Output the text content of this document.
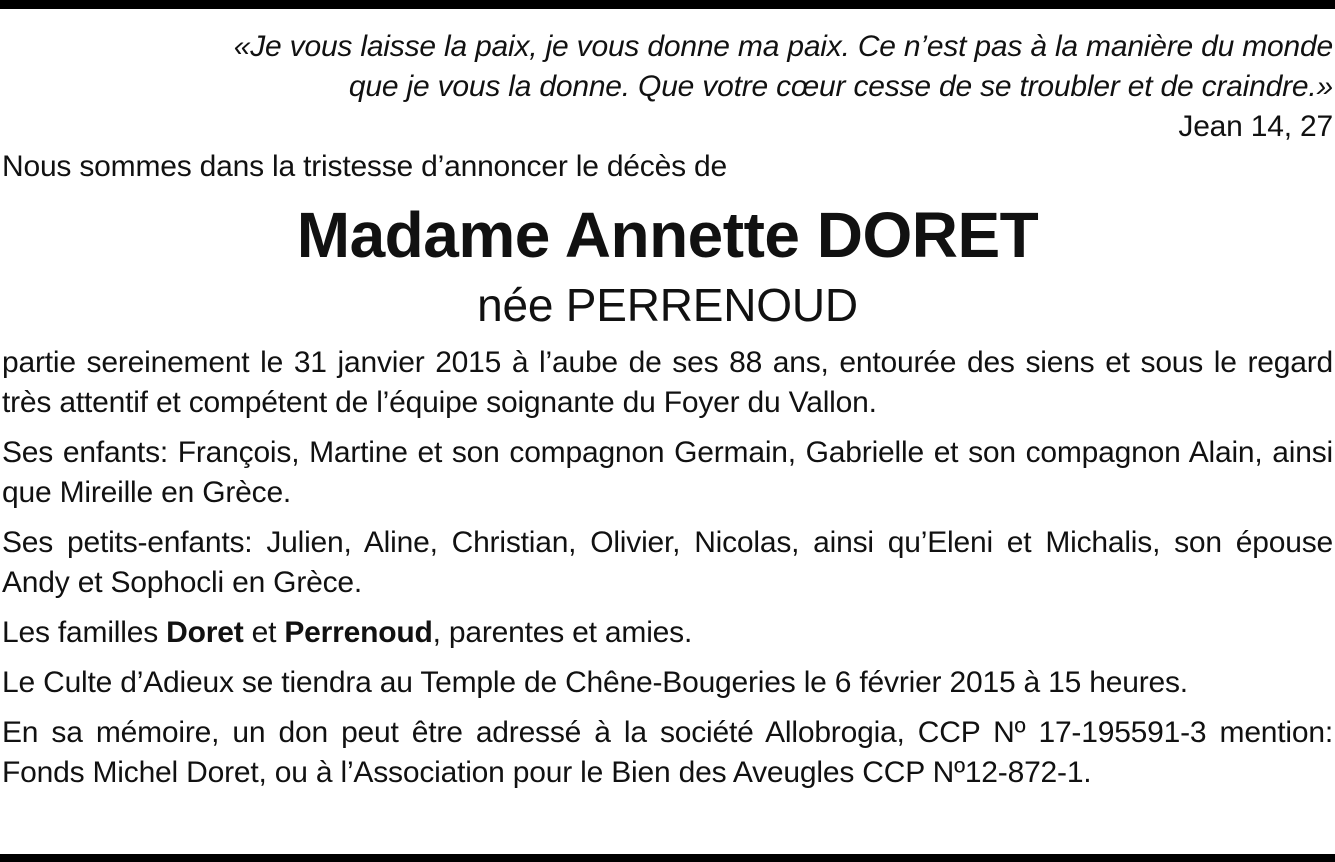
«Je vous laisse la paix, je vous donne ma paix. Ce n’est pas à la manière du monde
que je vous la donne. Que votre cœur cesse de se troubler et de craindre.»
Jean 14, 27

Nous sommes dans la tristesse d’annoncer le décès de

Madame Annette DORET
née PERRENOUD

partie sereinement le 31 janvier 2015 à l’aube de ses 88 ans, entourée des siens et sous le regard très attentif et compétent de l’équipe soignante du Foyer du Vallon.

Ses enfants: François, Martine et son compagnon Germain, Gabrielle et son compagnon Alain, ainsi que Mireille en Grèce.

Ses petits-enfants: Julien, Aline, Christian, Olivier, Nicolas, ainsi qu’Eleni et Michalis, son épouse Andy et Sophocli en Grèce.

Les familles Doret et Perrenoud, parentes et amies.

Le Culte d’Adieux se tiendra au Temple de Chêne-Bougeries le 6 février 2015 à 15 heures.

En sa mémoire, un don peut être adressé à la société Allobrogia, CCP Nº 17-195591-3 mention: Fonds Michel Doret, ou à l’Association pour le Bien des Aveugles CCP Nº12-872-1.
